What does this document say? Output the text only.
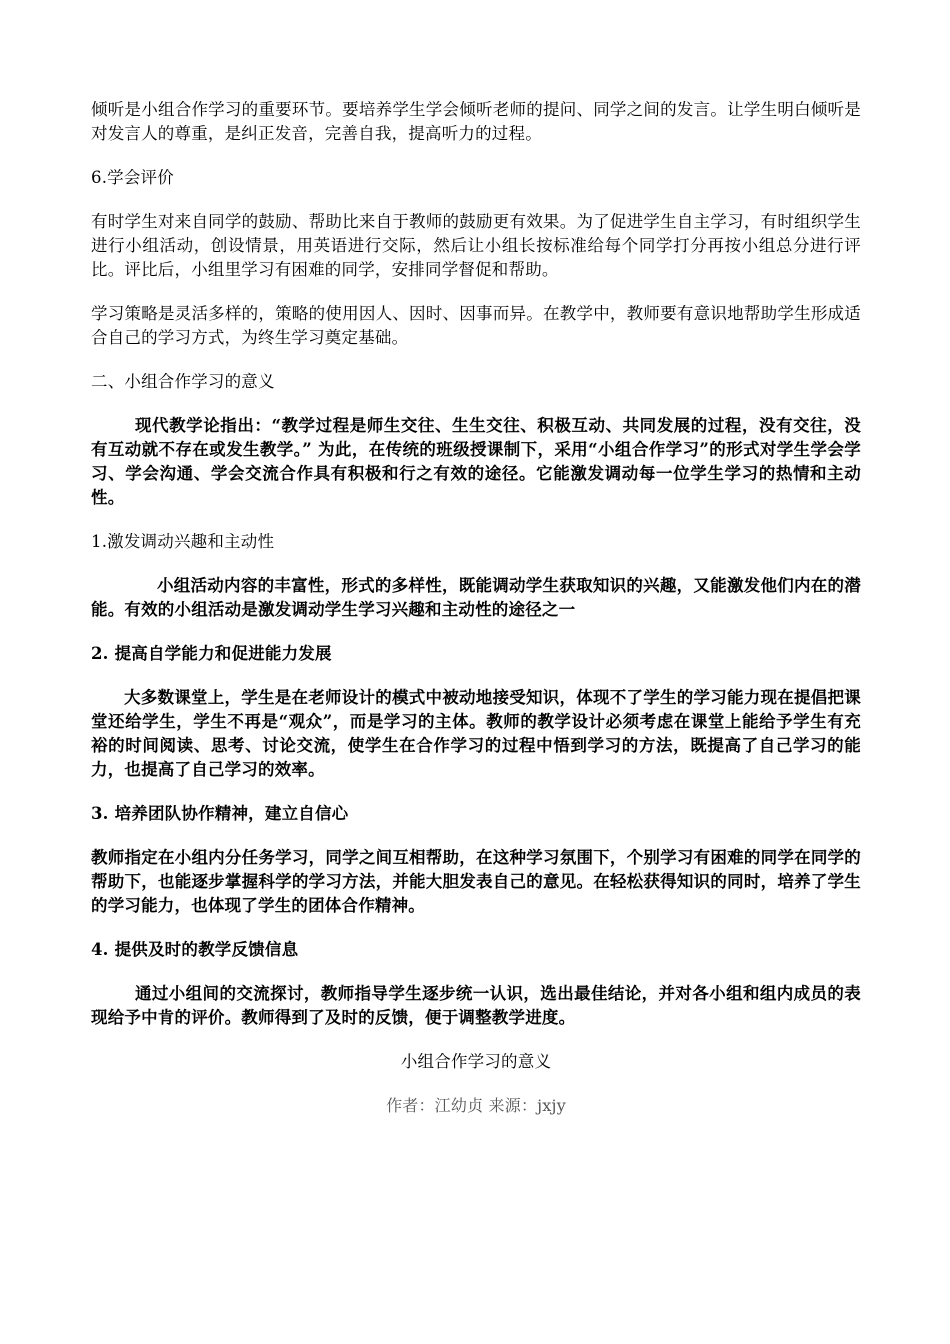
倾听是小组合作学习的重要环节。要培养学生学会倾听老师的提问、同学之间的发言。让学生明白倾听是对发言人的尊重，是纠正发音，完善自我，提高听力的过程。

6.学会评价

有时学生对来自同学的鼓励、帮助比来自于教师的鼓励更有效果。为了促进学生自主学习，有时组织学生进行小组活动，创设情景，用英语进行交际，然后让小组长按标准给每个同学打分再按小组总分进行评比。评比后，小组里学习有困难的同学，安排同学督促和帮助。

学习策略是灵活多样的，策略的使用因人、因时、因事而异。在教学中，教师要有意识地帮助学生形成适合自己的学习方式，为终生学习奠定基础。

二、小组合作学习的意义

现代教学论指出：“教学过程是师生交往、生生交往、积极互动、共同发展的过程，没有交往，没有互动就不存在或发生教学。” 为此，在传统的班级授课制下，采用“小组合作学习”的形式对学生学会学习、学会沟通、学会交流合作具有积极和行之有效的途径。它能激发调动每一位学生学习的热情和主动性。

1.激发调动兴趣和主动性

小组活动内容的丰富性，形式的多样性，既能调动学生获取知识的兴趣，又能激发他们内在的潜能。有效的小组活动是激发调动学生学习兴趣和主动性的途径之一

2. 提高自学能力和促进能力发展

大多数课堂上，学生是在老师设计的模式中被动地接受知识，体现不了学生的学习能力现在提倡把课堂还给学生，学生不再是“观众”，而是学习的主体。教师的教学设计必须考虑在课堂上能给予学生有充裕的时间阅读、思考、讨论交流，使学生在合作学习的过程中悟到学习的方法，既提高了自己学习的能力，也提高了自己学习的效率。

3. 培养团队协作精神，建立自信心

教师指定在小组内分任务学习，同学之间互相帮助，在这种学习氛围下，个别学习有困难的同学在同学的帮助下，也能逐步掌握科学的学习方法，并能大胆发表自己的意见。在轻松获得知识的同时，培养了学生的学习能力，也体现了学生的团体合作精神。

4. 提供及时的教学反馈信息

通过小组间的交流探讨，教师指导学生逐步统一认识，选出最佳结论，并对各小组和组内成员的表现给予中肯的评价。教师得到了及时的反馈，便于调整教学进度。

小组合作学习的意义

作者：江幼贞 来源：jxjy
